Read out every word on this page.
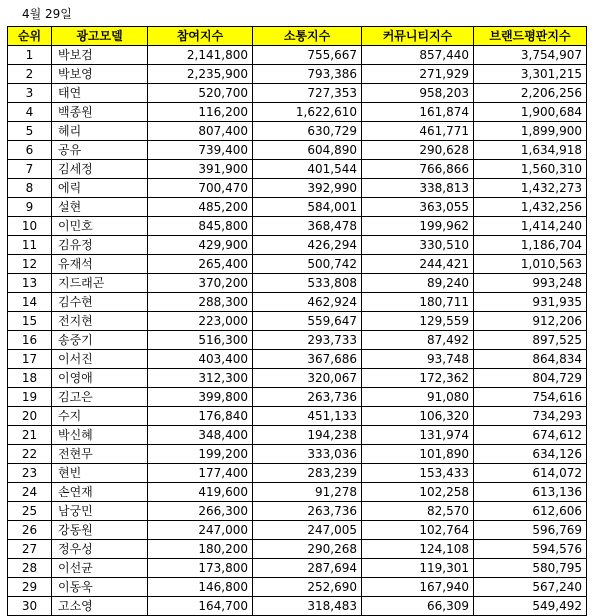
4월 29일
순위	광고모델	참여지수	소통지수	커뮤니티지수	브랜드평판지수
1	박보검	2,141,800	755,667	857,440	3,754,907
2	박보영	2,235,900	793,386	271,929	3,301,215
3	태연	520,700	727,353	958,203	2,206,256
4	백종원	116,200	1,622,610	161,874	1,900,684
5	헤리	807,400	630,729	461,771	1,899,900
6	공유	739,400	604,890	290,628	1,634,918
7	김세정	391,900	401,544	766,866	1,560,310
8	에릭	700,470	392,990	338,813	1,432,273
9	설현	485,200	584,001	363,055	1,432,256
10	이민호	845,800	368,478	199,962	1,414,240
11	김유정	429,900	426,294	330,510	1,186,704
12	유재석	265,400	500,742	244,421	1,010,563
13	지드래곤	370,200	533,808	89,240	993,248
14	김수현	288,300	462,924	180,711	931,935
15	전지현	223,000	559,647	129,559	912,206
16	송중기	516,300	293,733	87,492	897,525
17	이서진	403,400	367,686	93,748	864,834
18	이영애	312,300	320,067	172,362	804,729
19	김고은	399,800	263,736	91,080	754,616
20	수지	176,840	451,133	106,320	734,293
21	박신혜	348,400	194,238	131,974	674,612
22	전현무	199,200	333,036	101,890	634,126
23	현빈	177,400	283,239	153,433	614,072
24	손연재	419,600	91,278	102,258	613,136
25	남궁민	266,300	263,736	82,570	612,606
26	강동원	247,000	247,005	102,764	596,769
27	정우성	180,200	290,268	124,108	594,576
28	이선균	173,800	287,694	119,301	580,795
29	이동욱	146,800	252,690	167,940	567,240
30	고소영	164,700	318,483	66,309	549,492
